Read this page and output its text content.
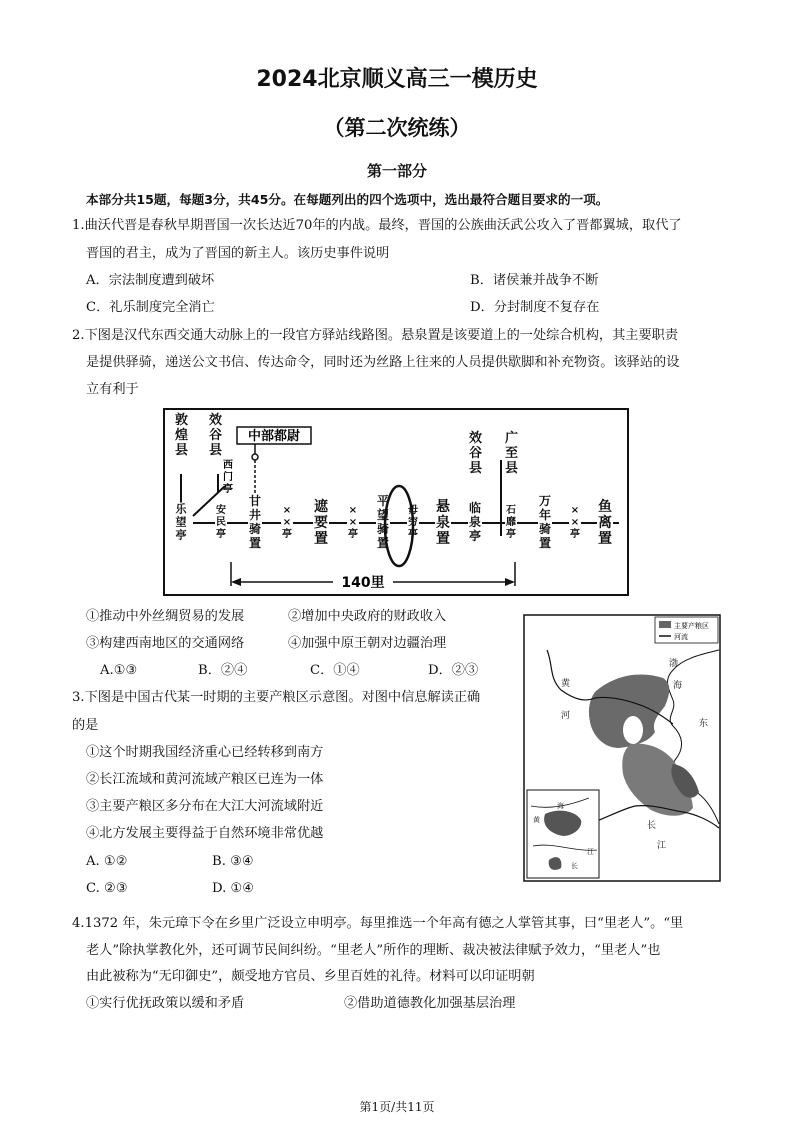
2024北京顺义高三一模历史
（第二次统练）
第一部分
本部分共15题，每题3分，共45分。在每题列出的四个选项中，选出最符合题目要求的一项。
1.曲沃代晋是春秋早期晋国一次长达近70年的内战。最终，晋国的公族曲沃武公攻入了晋都翼城，取代了
晋国的君主，成为了晋国的新主人。该历史事件说明
A．宗法制度遭到破坏	B．诸侯兼并战争不断
C．礼乐制度完全消亡	D．分封制度不复存在
2.下图是汉代东西交通大动脉上的一段官方驿站线路图。悬泉置是该要道上的一处综合机构，其主要职责
是提供驿骑，递送公文书信、传达命令，同时还为丝路上往来的人员提供歇脚和补充物资。该驿站的设
立有利于
敦煌县
效谷县
效谷县
广至县
西门亭
中部都尉
乐望亭
安民亭
甘井骑置
× ×亭
遮要置
× ×亭
平望骑置
毋穷亭
悬泉置
临泉亭
石靡亭
万年骑置
× ×亭
鱼离置
140里
①推动中外丝绸贸易的发展	②增加中央政府的财政收入
③构建西南地区的交通网络	④加强中原王朝对边疆治理
A.①③	B．②④	C．①④	D．②③
3.下图是中国古代某一时期的主要产粮区示意图。对图中信息解读正确
的是
①这个时期我国经济重心已经转移到南方
②长江流域和黄河流域产粮区已连为一体
③主要产粮区多分布在大江大河流域附近
④北方发展主要得益于自然环境非常优越
A. ①②	B. ③④
C. ②③	D. ①④
主要产粮区
河流
黄
河
渤
海
东
长
江
黄
海
长
江
4.1372 年，朱元璋下令在乡里广泛设立申明亭。每里推选一个年高有德之人掌管其事，曰“里老人”。“里
老人”除执掌教化外，还可调节民间纠纷。“里老人”所作的理断、裁决被法律赋予效力，“里老人”也
由此被称为“无印御史”，颇受地方官员、乡里百姓的礼待。材料可以印证明朝
①实行优抚政策以缓和矛盾	②借助道德教化加强基层治理
第1页/共11页
